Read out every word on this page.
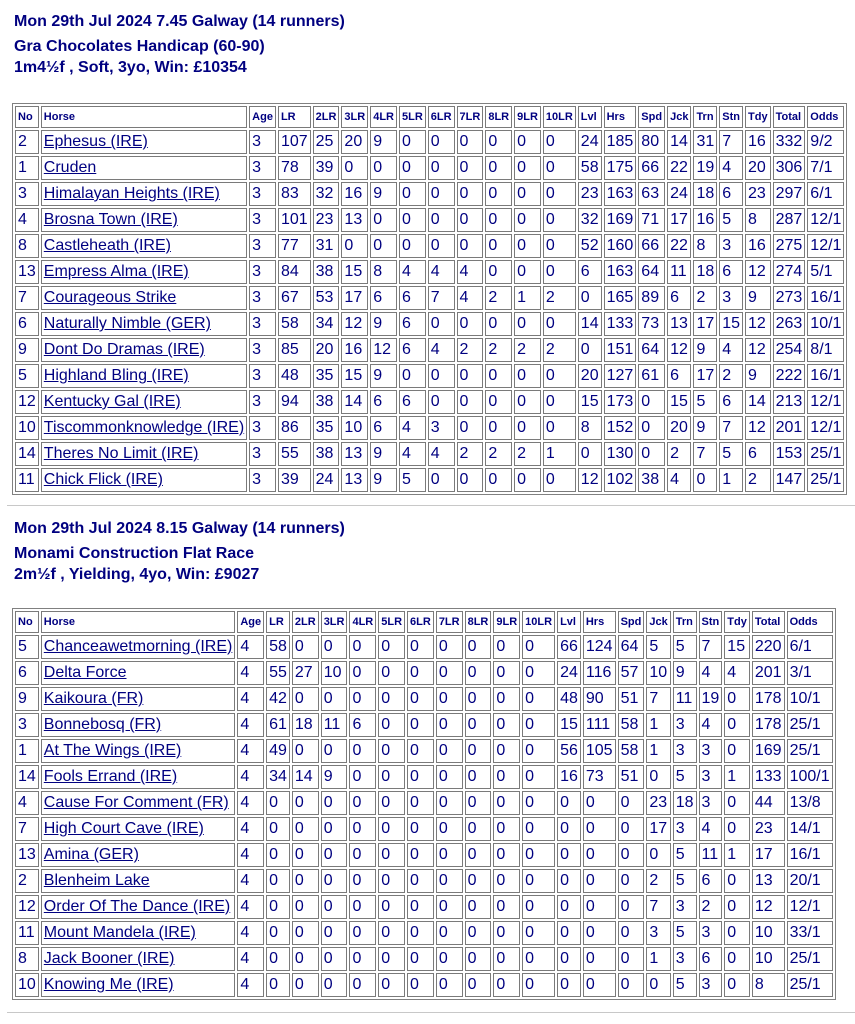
Mon 29th Jul 2024 7.45 Galway (14 runners)
Gra Chocolates Handicap (60-90)
1m4½f , Soft, 3yo, Win: £10354
No	Horse	Age	LR	2LR	3LR	4LR	5LR	6LR	7LR	8LR	9LR	10LR	Lvl	Hrs	Spd	Jck	Trn	Stn	Tdy	Total	Odds
2	Ephesus (IRE)	3	107	25	20	9	0	0	0	0	0	0	24	185	80	14	31	7	16	332	9/2
1	Cruden	3	78	39	0	0	0	0	0	0	0	0	58	175	66	22	19	4	20	306	7/1
3	Himalayan Heights (IRE)	3	83	32	16	9	0	0	0	0	0	0	23	163	63	24	18	6	23	297	6/1
4	Brosna Town (IRE)	3	101	23	13	0	0	0	0	0	0	0	32	169	71	17	16	5	8	287	12/1
8	Castleheath (IRE)	3	77	31	0	0	0	0	0	0	0	0	52	160	66	22	8	3	16	275	12/1
13	Empress Alma (IRE)	3	84	38	15	8	4	4	4	0	0	0	6	163	64	11	18	6	12	274	5/1
7	Courageous Strike	3	67	53	17	6	6	7	4	2	1	2	0	165	89	6	2	3	9	273	16/1
6	Naturally Nimble (GER)	3	58	34	12	9	6	0	0	0	0	0	14	133	73	13	17	15	12	263	10/1
9	Dont Do Dramas (IRE)	3	85	20	16	12	6	4	2	2	2	2	0	151	64	12	9	4	12	254	8/1
5	Highland Bling (IRE)	3	48	35	15	9	0	0	0	0	0	0	20	127	61	6	17	2	9	222	16/1
12	Kentucky Gal (IRE)	3	94	38	14	6	6	0	0	0	0	0	15	173	0	15	5	6	14	213	12/1
10	Tiscommonknowledge (IRE)	3	86	35	10	6	4	3	0	0	0	0	8	152	0	20	9	7	12	201	12/1
14	Theres No Limit (IRE)	3	55	38	13	9	4	4	2	2	2	1	0	130	0	2	7	5	6	153	25/1
11	Chick Flick (IRE)	3	39	24	13	9	5	0	0	0	0	0	12	102	38	4	0	1	2	147	25/1
Mon 29th Jul 2024 8.15 Galway (14 runners)
Monami Construction Flat Race
2m½f , Yielding, 4yo, Win: £9027
No	Horse	Age	LR	2LR	3LR	4LR	5LR	6LR	7LR	8LR	9LR	10LR	Lvl	Hrs	Spd	Jck	Trn	Stn	Tdy	Total	Odds
5	Chanceawetmorning (IRE)	4	58	0	0	0	0	0	0	0	0	0	66	124	64	5	5	7	15	220	6/1
6	Delta Force	4	55	27	10	0	0	0	0	0	0	0	24	116	57	10	9	4	4	201	3/1
9	Kaikoura (FR)	4	42	0	0	0	0	0	0	0	0	0	48	90	51	7	11	19	0	178	10/1
3	Bonnebosq (FR)	4	61	18	11	6	0	0	0	0	0	0	15	111	58	1	3	4	0	178	25/1
1	At The Wings (IRE)	4	49	0	0	0	0	0	0	0	0	0	56	105	58	1	3	3	0	169	25/1
14	Fools Errand (IRE)	4	34	14	9	0	0	0	0	0	0	0	16	73	51	0	5	3	1	133	100/1
4	Cause For Comment (FR)	4	0	0	0	0	0	0	0	0	0	0	0	0	0	23	18	3	0	44	13/8
7	High Court Cave (IRE)	4	0	0	0	0	0	0	0	0	0	0	0	0	0	17	3	4	0	23	14/1
13	Amina (GER)	4	0	0	0	0	0	0	0	0	0	0	0	0	0	0	5	11	1	17	16/1
2	Blenheim Lake	4	0	0	0	0	0	0	0	0	0	0	0	0	0	2	5	6	0	13	20/1
12	Order Of The Dance (IRE)	4	0	0	0	0	0	0	0	0	0	0	0	0	0	7	3	2	0	12	12/1
11	Mount Mandela (IRE)	4	0	0	0	0	0	0	0	0	0	0	0	0	0	3	5	3	0	10	33/1
8	Jack Booner (IRE)	4	0	0	0	0	0	0	0	0	0	0	0	0	0	1	3	6	0	10	25/1
10	Knowing Me (IRE)	4	0	0	0	0	0	0	0	0	0	0	0	0	0	0	5	3	0	8	25/1
